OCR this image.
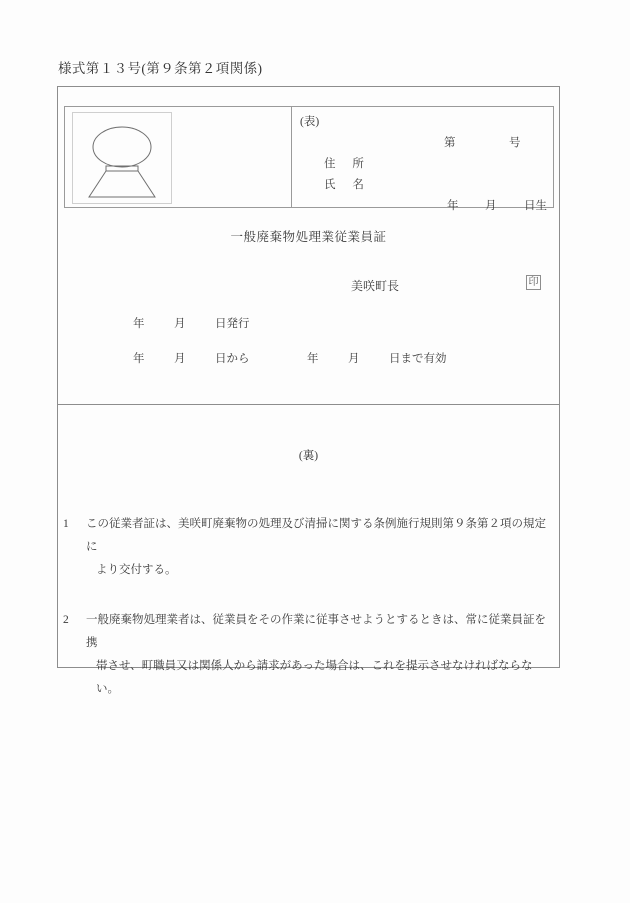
様式第１３号(第９条第２項関係)
(表)
第	号
住 所
氏 名
年 月 日生
一般廃棄物処理業従業員証
美咲町長	印
年	月	日発行
年	月	日から	年	月	日まで有効
(裏)
1 この従業者証は、美咲町廃棄物の処理及び清掃に関する条例施行規則第９条第２項の規定に
より交付する。
2 一般廃棄物処理業者は、従業員をその作業に従事させようとするときは、常に従業員証を携
帯させ、町職員又は関係人から請求があった場合は、これを提示させなければならない。
